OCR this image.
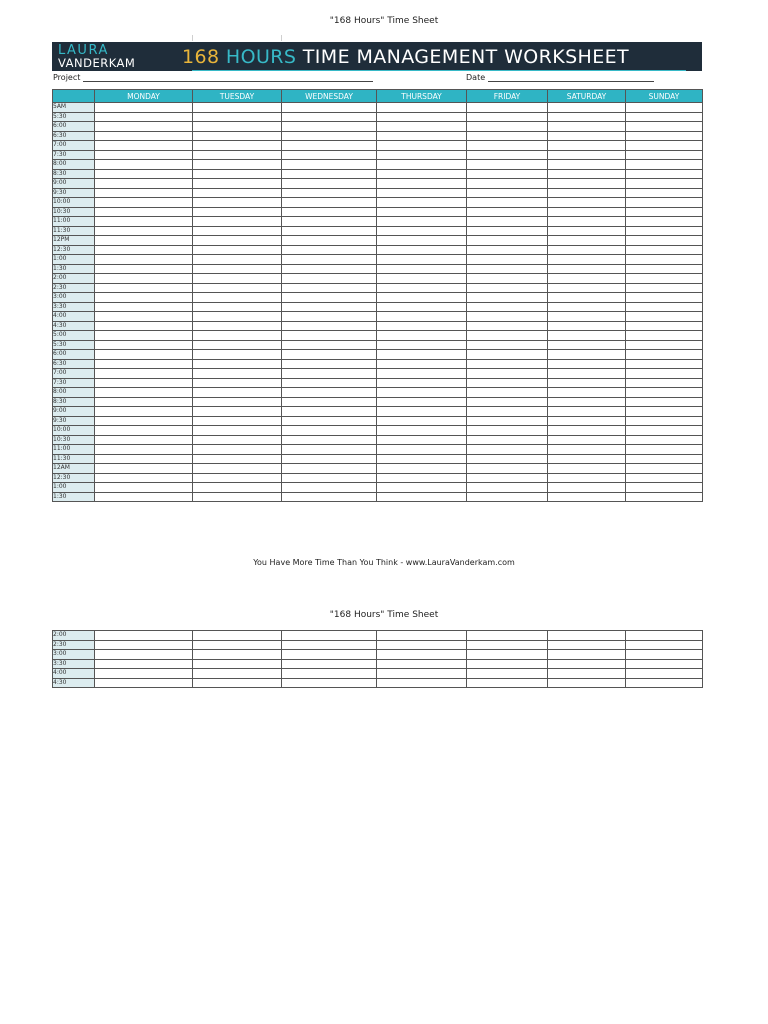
"168 Hours" Time Sheet
LAURA
VANDERKAM	168 HOURS TIME MANAGEMENT WORKSHEET
Project	Date
	MONDAY	TUESDAY	WEDNESDAY	THURSDAY	FRIDAY	SATURDAY	SUNDAY
5AM							
5:30							
6:00							
6:30							
7:00							
7:30							
8:00							
8:30							
9:00							
9:30							
10:00							
10:30							
11:00							
11:30							
12PM							
12:30							
1:00							
1:30							
2:00							
2:30							
3:00							
3:30							
4:00							
4:30							
5:00							
5:30							
6:00							
6:30							
7:00							
7:30							
8:00							
8:30							
9:00							
9:30							
10:00							
10:30							
11:00							
11:30							
12AM							
12:30							
1:00							
1:30							
You Have More Time Than You Think - www.LauraVanderkam.com
"168 Hours" Time Sheet
2:00							
2:30							
3:00							
3:30							
4:00							
4:30							
